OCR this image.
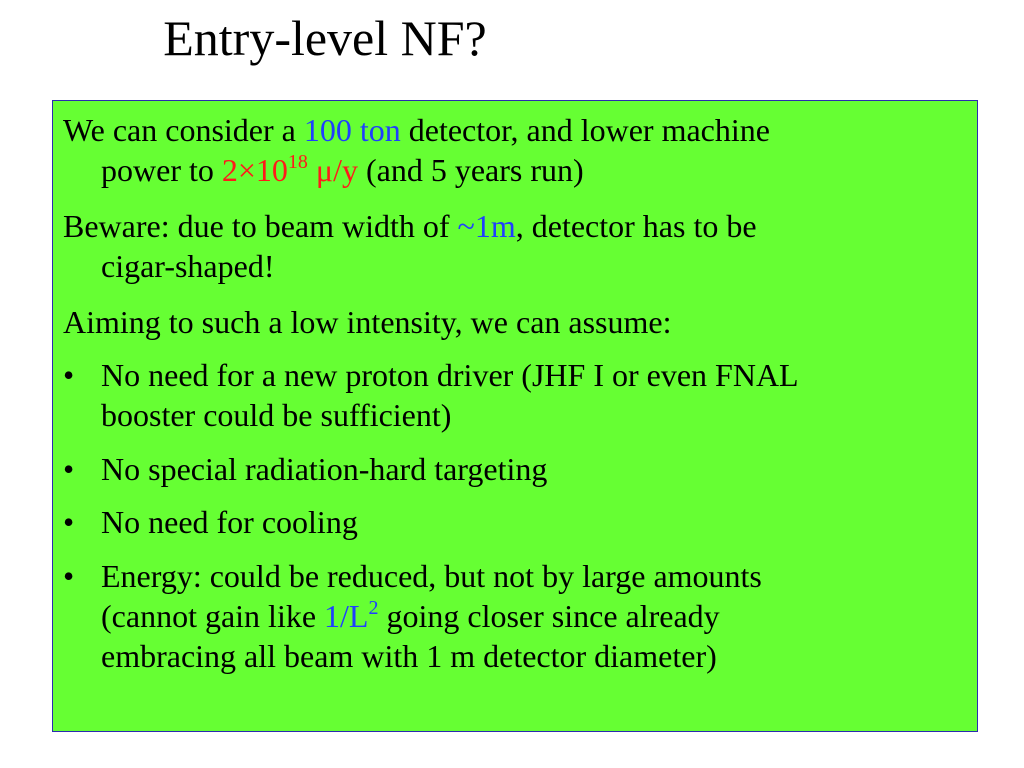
Entry-level NF?
We can consider a 100 ton detector, and lower machine
power to $2\times 10^{18}$ μ/y (and 5 years run)
Beware: due to beam width of ~1m, detector has to be
cigar-shaped!
Aiming to such a low intensity, we can assume:
• No need for a new proton driver (JHF I or even FNAL
booster could be sufficient)
• No special radiation-hard targeting
• No need for cooling
• Energy: could be reduced, but not by large amounts
(cannot gain like $1/L^2$ going closer since already
embracing all beam with 1 m detector diameter)
